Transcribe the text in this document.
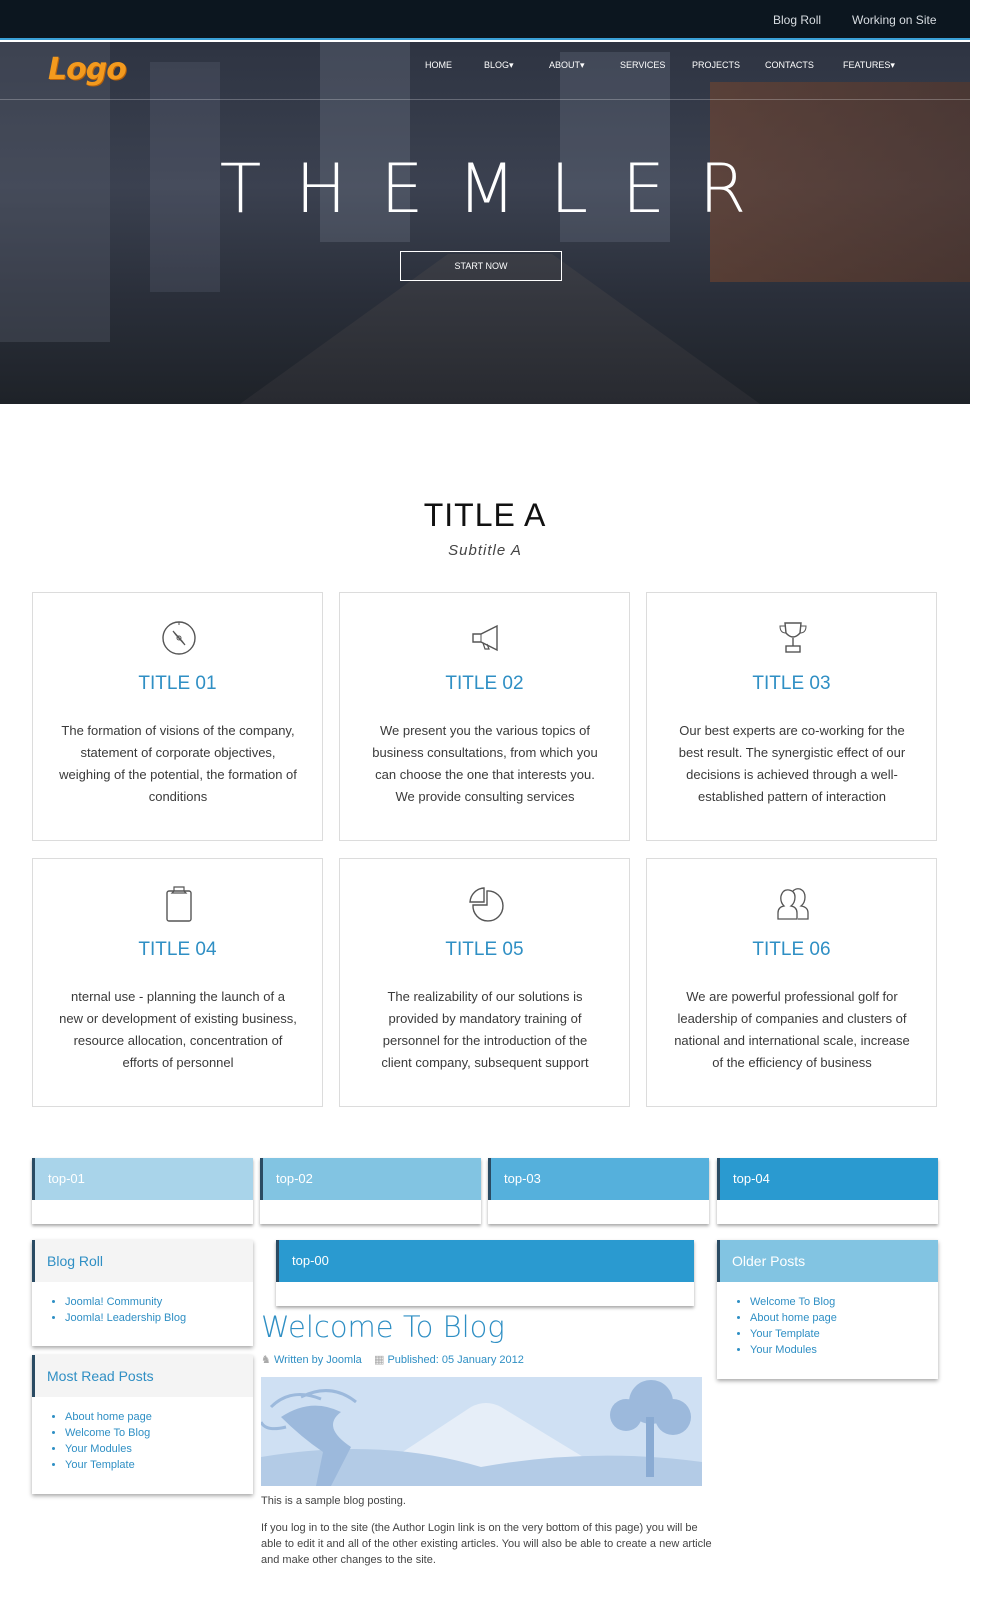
Blog Roll	Working on Site
Logo	HOME	BLOG▾	ABOUT▾	SERVICES	PROJECTS	CONTACTS	FEATURES▾
THEMLER
START NOW
TITLE A
Subtitle A
TITLE 01
The formation of visions of the company, statement of corporate objectives, weighing of the potential, the formation of conditions
TITLE 02
We present you the various topics of business consultations, from which you can choose the one that interests you. We provide consulting services
TITLE 03
Our best experts are co-working for the best result. The synergistic effect of our decisions is achieved through a well-established pattern of interaction
TITLE 04
nternal use - planning the launch of a new or development of existing business, resource allocation, concentration of efforts of personnel
TITLE 05
The realizability of our solutions is provided by mandatory training of personnel for the introduction of the client company, subsequent support
TITLE 06
We are powerful professional golf for leadership of companies and clusters of national and international scale, increase of the efficiency of business
top-01	top-02	top-03	top-04
Blog Roll
• Joomla! Community
• Joomla! Leadership Blog
Most Read Posts
• About home page
• Welcome To Blog
• Your Modules
• Your Template
top-00	Older Posts
• Welcome To Blog
• About home page
• Your Template
• Your Modules
Welcome To Blog
♞ Written by Joomla ▦ Published: 05 January 2012
This is a sample blog posting.
If you log in to the site (the Author Login link is on the very bottom of this page) you will be able to edit it and all of the other existing articles. You will also be able to create a new article and make other changes to the site.
